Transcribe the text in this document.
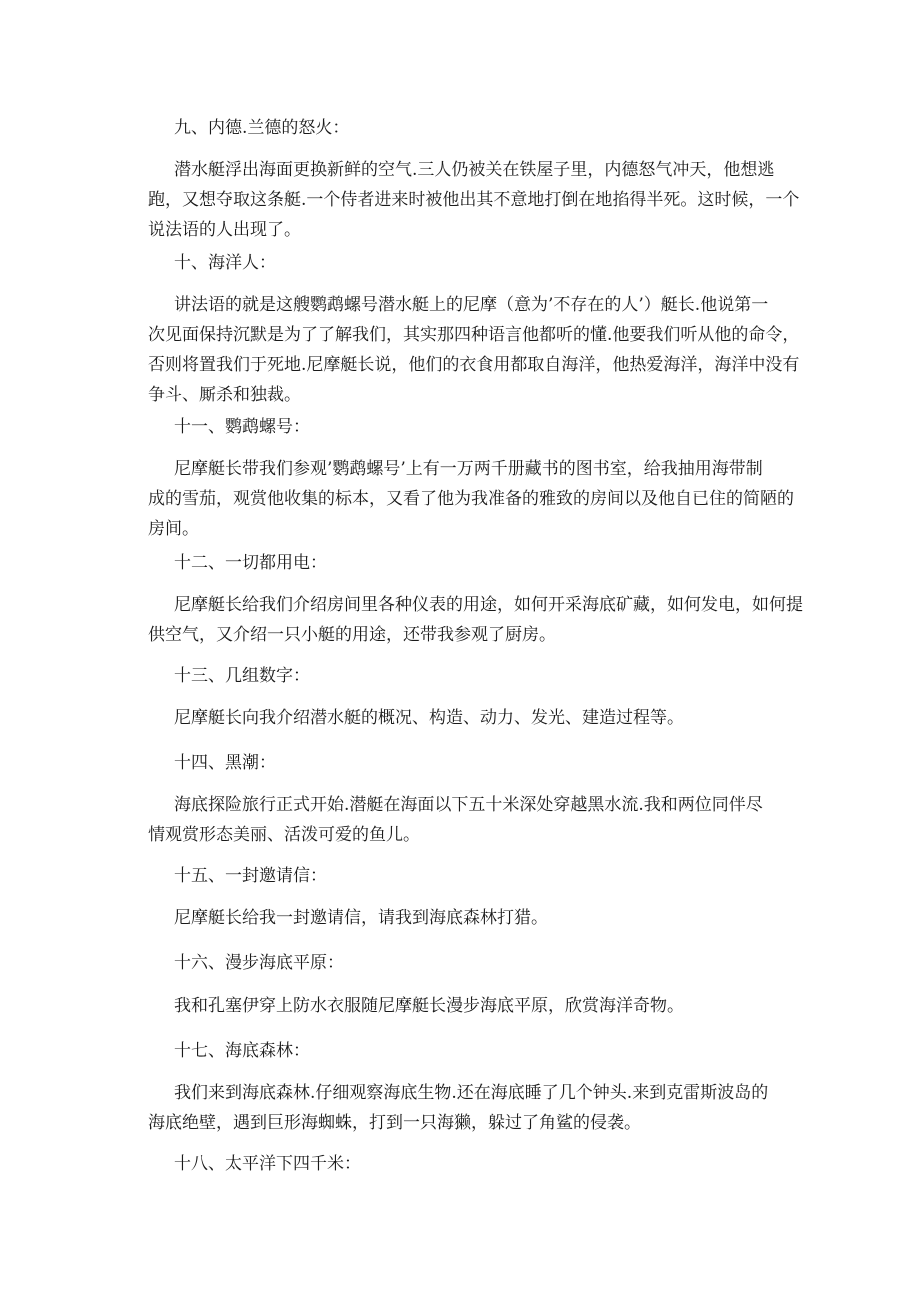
九、内德.兰德的怒火：
潜水艇浮出海面更换新鲜的空气.三人仍被关在铁屋子里，内德怒气冲天，他想逃
跑，又想夺取这条艇.一个侍者进来时被他出其不意地打倒在地掐得半死。这时候，一个
说法语的人出现了。
十、海洋人：
讲法语的就是这艘鹦鹉螺号潜水艇上的尼摩（意为’不存在的人’）艇长.他说第一
次见面保持沉默是为了了解我们，其实那四种语言他都听的懂.他要我们听从他的命令，
否则将置我们于死地.尼摩艇长说，他们的衣食用都取自海洋，他热爱海洋，海洋中没有
争斗、厮杀和独裁。
十一、鹦鹉螺号：
尼摩艇长带我们参观’鹦鹉螺号’上有一万两千册藏书的图书室，给我抽用海带制
成的雪茄，观赏他收集的标本，又看了他为我准备的雅致的房间以及他自已住的简陋的
房间。
十二、一切都用电：
尼摩艇长给我们介绍房间里各种仪表的用途，如何开采海底矿藏，如何发电，如何提
供空气，又介绍一只小艇的用途，还带我参观了厨房。
十三、几组数字：
尼摩艇长向我介绍潜水艇的概况、构造、动力、发光、建造过程等。
十四、黑潮：
海底探险旅行正式开始.潜艇在海面以下五十米深处穿越黑水流.我和两位同伴尽
情观赏形态美丽、活泼可爱的鱼儿。
十五、一封邀请信：
尼摩艇长给我一封邀请信，请我到海底森林打猎。
十六、漫步海底平原：
我和孔塞伊穿上防水衣服随尼摩艇长漫步海底平原，欣赏海洋奇物。
十七、海底森林：
我们来到海底森林.仔细观察海底生物.还在海底睡了几个钟头.来到克雷斯波岛的
海底绝壁，遇到巨形海蜘蛛，打到一只海獭，躲过了角鲨的侵袭。
十八、太平洋下四千米：
